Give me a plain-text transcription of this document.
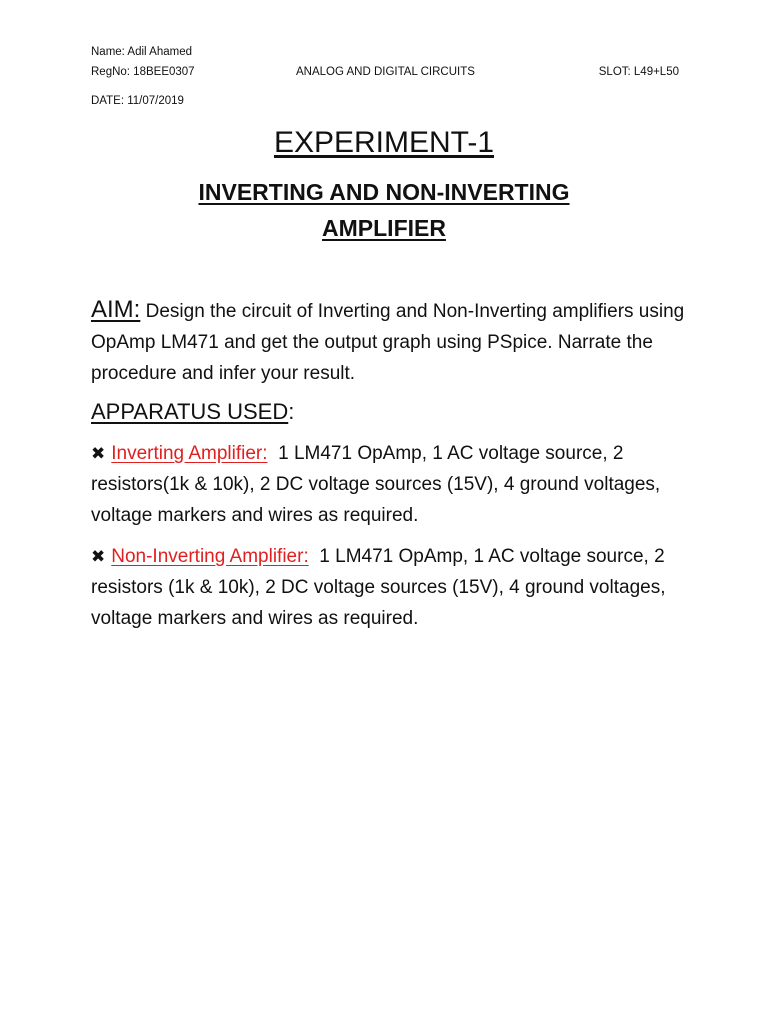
Name: Adil Ahamed
RegNo: 18BEE0307	ANALOG AND DIGITAL CIRCUITS	SLOT: L49+L50
DATE: 11/07/2019
EXPERIMENT-1
INVERTING AND NON-INVERTING
AMPLIFIER
AIM: Design the circuit of Inverting and Non-Inverting amplifiers using OpAmp LM471 and get the output graph using PSpice. Narrate the procedure and infer your result.
APPARATUS USED:
✖ Inverting Amplifier:  1 LM471 OpAmp, 1 AC voltage source, 2 resistors(1k & 10k), 2 DC voltage sources (15V), 4 ground voltages, voltage markers and wires as required.
✖ Non-Inverting Amplifier:  1 LM471 OpAmp, 1 AC voltage source, 2 resistors (1k & 10k), 2 DC voltage sources (15V), 4 ground voltages, voltage markers and wires as required.
